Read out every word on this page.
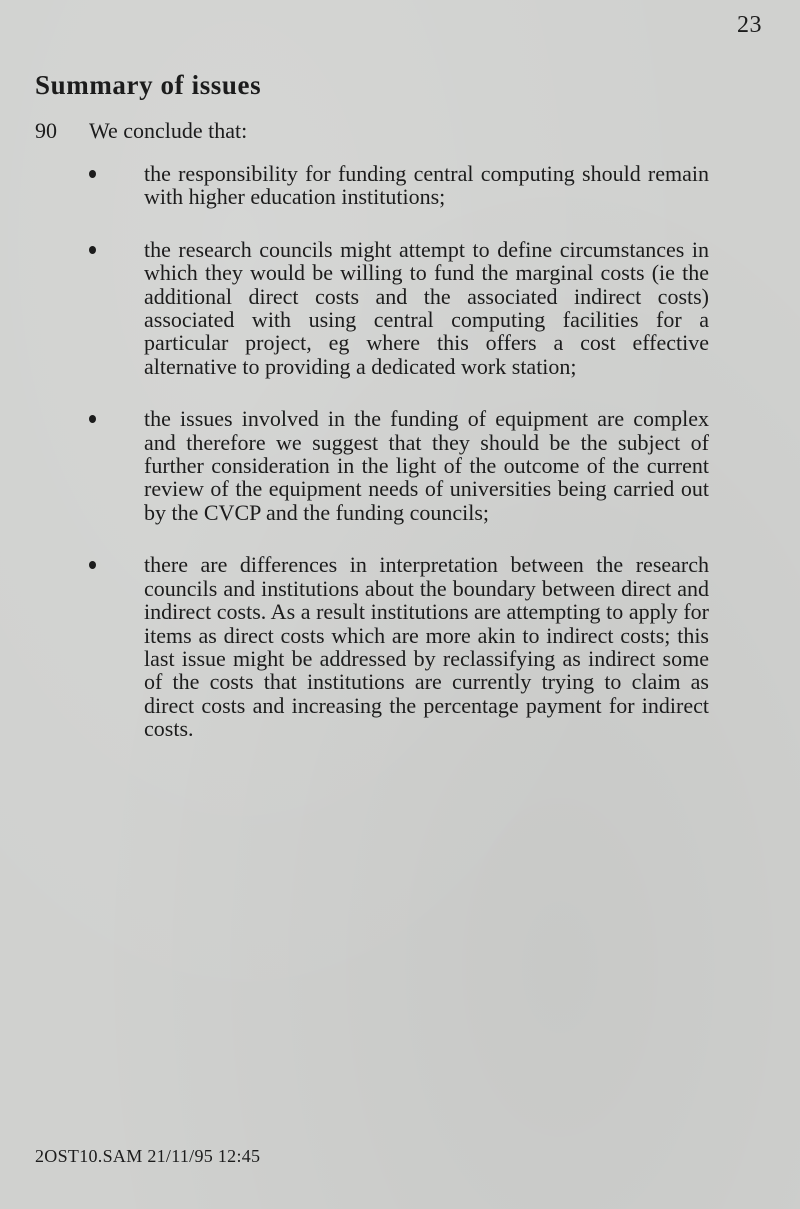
23
Summary of issues
90 We conclude that:
the responsibility for funding central computing should remain with higher education institutions;
the research councils might attempt to define circumstances in which they would be willing to fund the marginal costs (ie the additional direct costs and the associated indirect costs) associated with using central computing facilities for a particular project, eg where this offers a cost effective alternative to providing a dedicated work station;
the issues involved in the funding of equipment are complex and therefore we suggest that they should be the subject of further consideration in the light of the outcome of the current review of the equipment needs of universities being carried out by the CVCP and the funding councils;
there are differences in interpretation between the research councils and institutions about the boundary between direct and indirect costs. As a result institutions are attempting to apply for items as direct costs which are more akin to indirect costs; this last issue might be addressed by reclassifying as indirect some of the costs that institutions are currently trying to claim as direct costs and increasing the percentage payment for indirect costs.
2OST10.SAM 21/11/95 12:45
